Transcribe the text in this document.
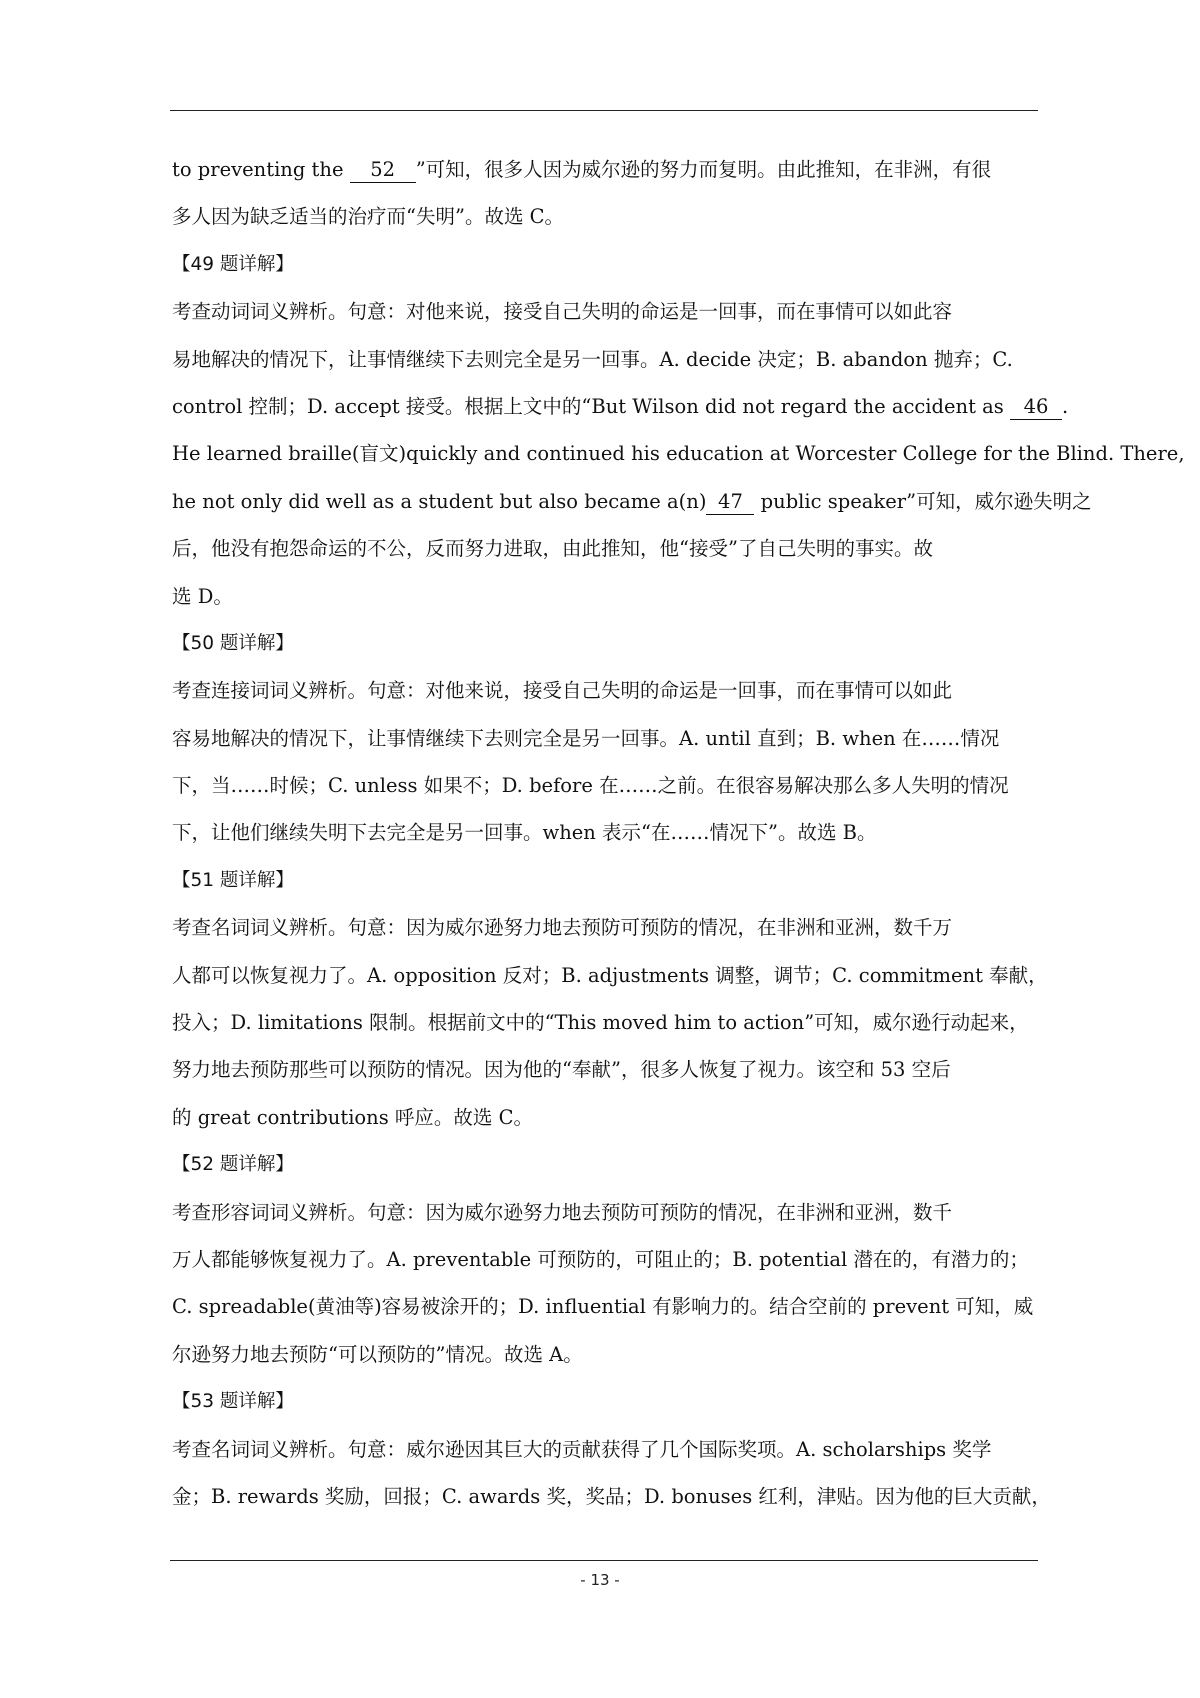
to preventing the 52 ”可知，很多人因为威尔逊的努力而复明。由此推知，在非洲，有很
多人因为缺乏适当的治疗而“失明”。故选 C。
【49 题详解】
考查动词词义辨析。句意：对他来说，接受自己失明的命运是一回事，而在事情可以如此容
易地解决的情况下，让事情继续下去则完全是另一回事。A. decide 决定；B. abandon 抛弃；C.
control 控制；D. accept 接受。根据上文中的“But Wilson did not regard the accident as 46 .
He learned braille(盲文)quickly and continued his education at Worcester College for the Blind. There,
he not only did well as a student but also became a(n) 47 public speaker”可知，威尔逊失明之
后，他没有抱怨命运的不公，反而努力进取，由此推知，他“接受”了自己失明的事实。故
选 D。
【50 题详解】
考查连接词词义辨析。句意：对他来说，接受自己失明的命运是一回事，而在事情可以如此
容易地解决的情况下，让事情继续下去则完全是另一回事。A. until 直到；B. when 在……情况
下，当……时候；C. unless 如果不；D. before 在……之前。在很容易解决那么多人失明的情况
下，让他们继续失明下去完全是另一回事。when 表示“在……情况下”。故选 B。
【51 题详解】
考查名词词义辨析。句意：因为威尔逊努力地去预防可预防的情况，在非洲和亚洲，数千万
人都可以恢复视力了。A. opposition 反对；B. adjustments 调整，调节；C. commitment 奉献，
投入；D. limitations 限制。根据前文中的“This moved him to action”可知，威尔逊行动起来，
努力地去预防那些可以预防的情况。因为他的“奉献”，很多人恢复了视力。该空和 53 空后
的 great contributions 呼应。故选 C。
【52 题详解】
考查形容词词义辨析。句意：因为威尔逊努力地去预防可预防的情况，在非洲和亚洲，数千
万人都能够恢复视力了。A. preventable 可预防的，可阻止的；B. potential 潜在的，有潜力的；
C. spreadable(黄油等)容易被涂开的；D. influential 有影响力的。结合空前的 prevent 可知，威
尔逊努力地去预防“可以预防的”情况。故选 A。
【53 题详解】
考查名词词义辨析。句意：威尔逊因其巨大的贡献获得了几个国际奖项。A. scholarships 奖学
金；B. rewards 奖励，回报；C. awards 奖，奖品；D. bonuses 红利，津贴。因为他的巨大贡献，
- 13 -
